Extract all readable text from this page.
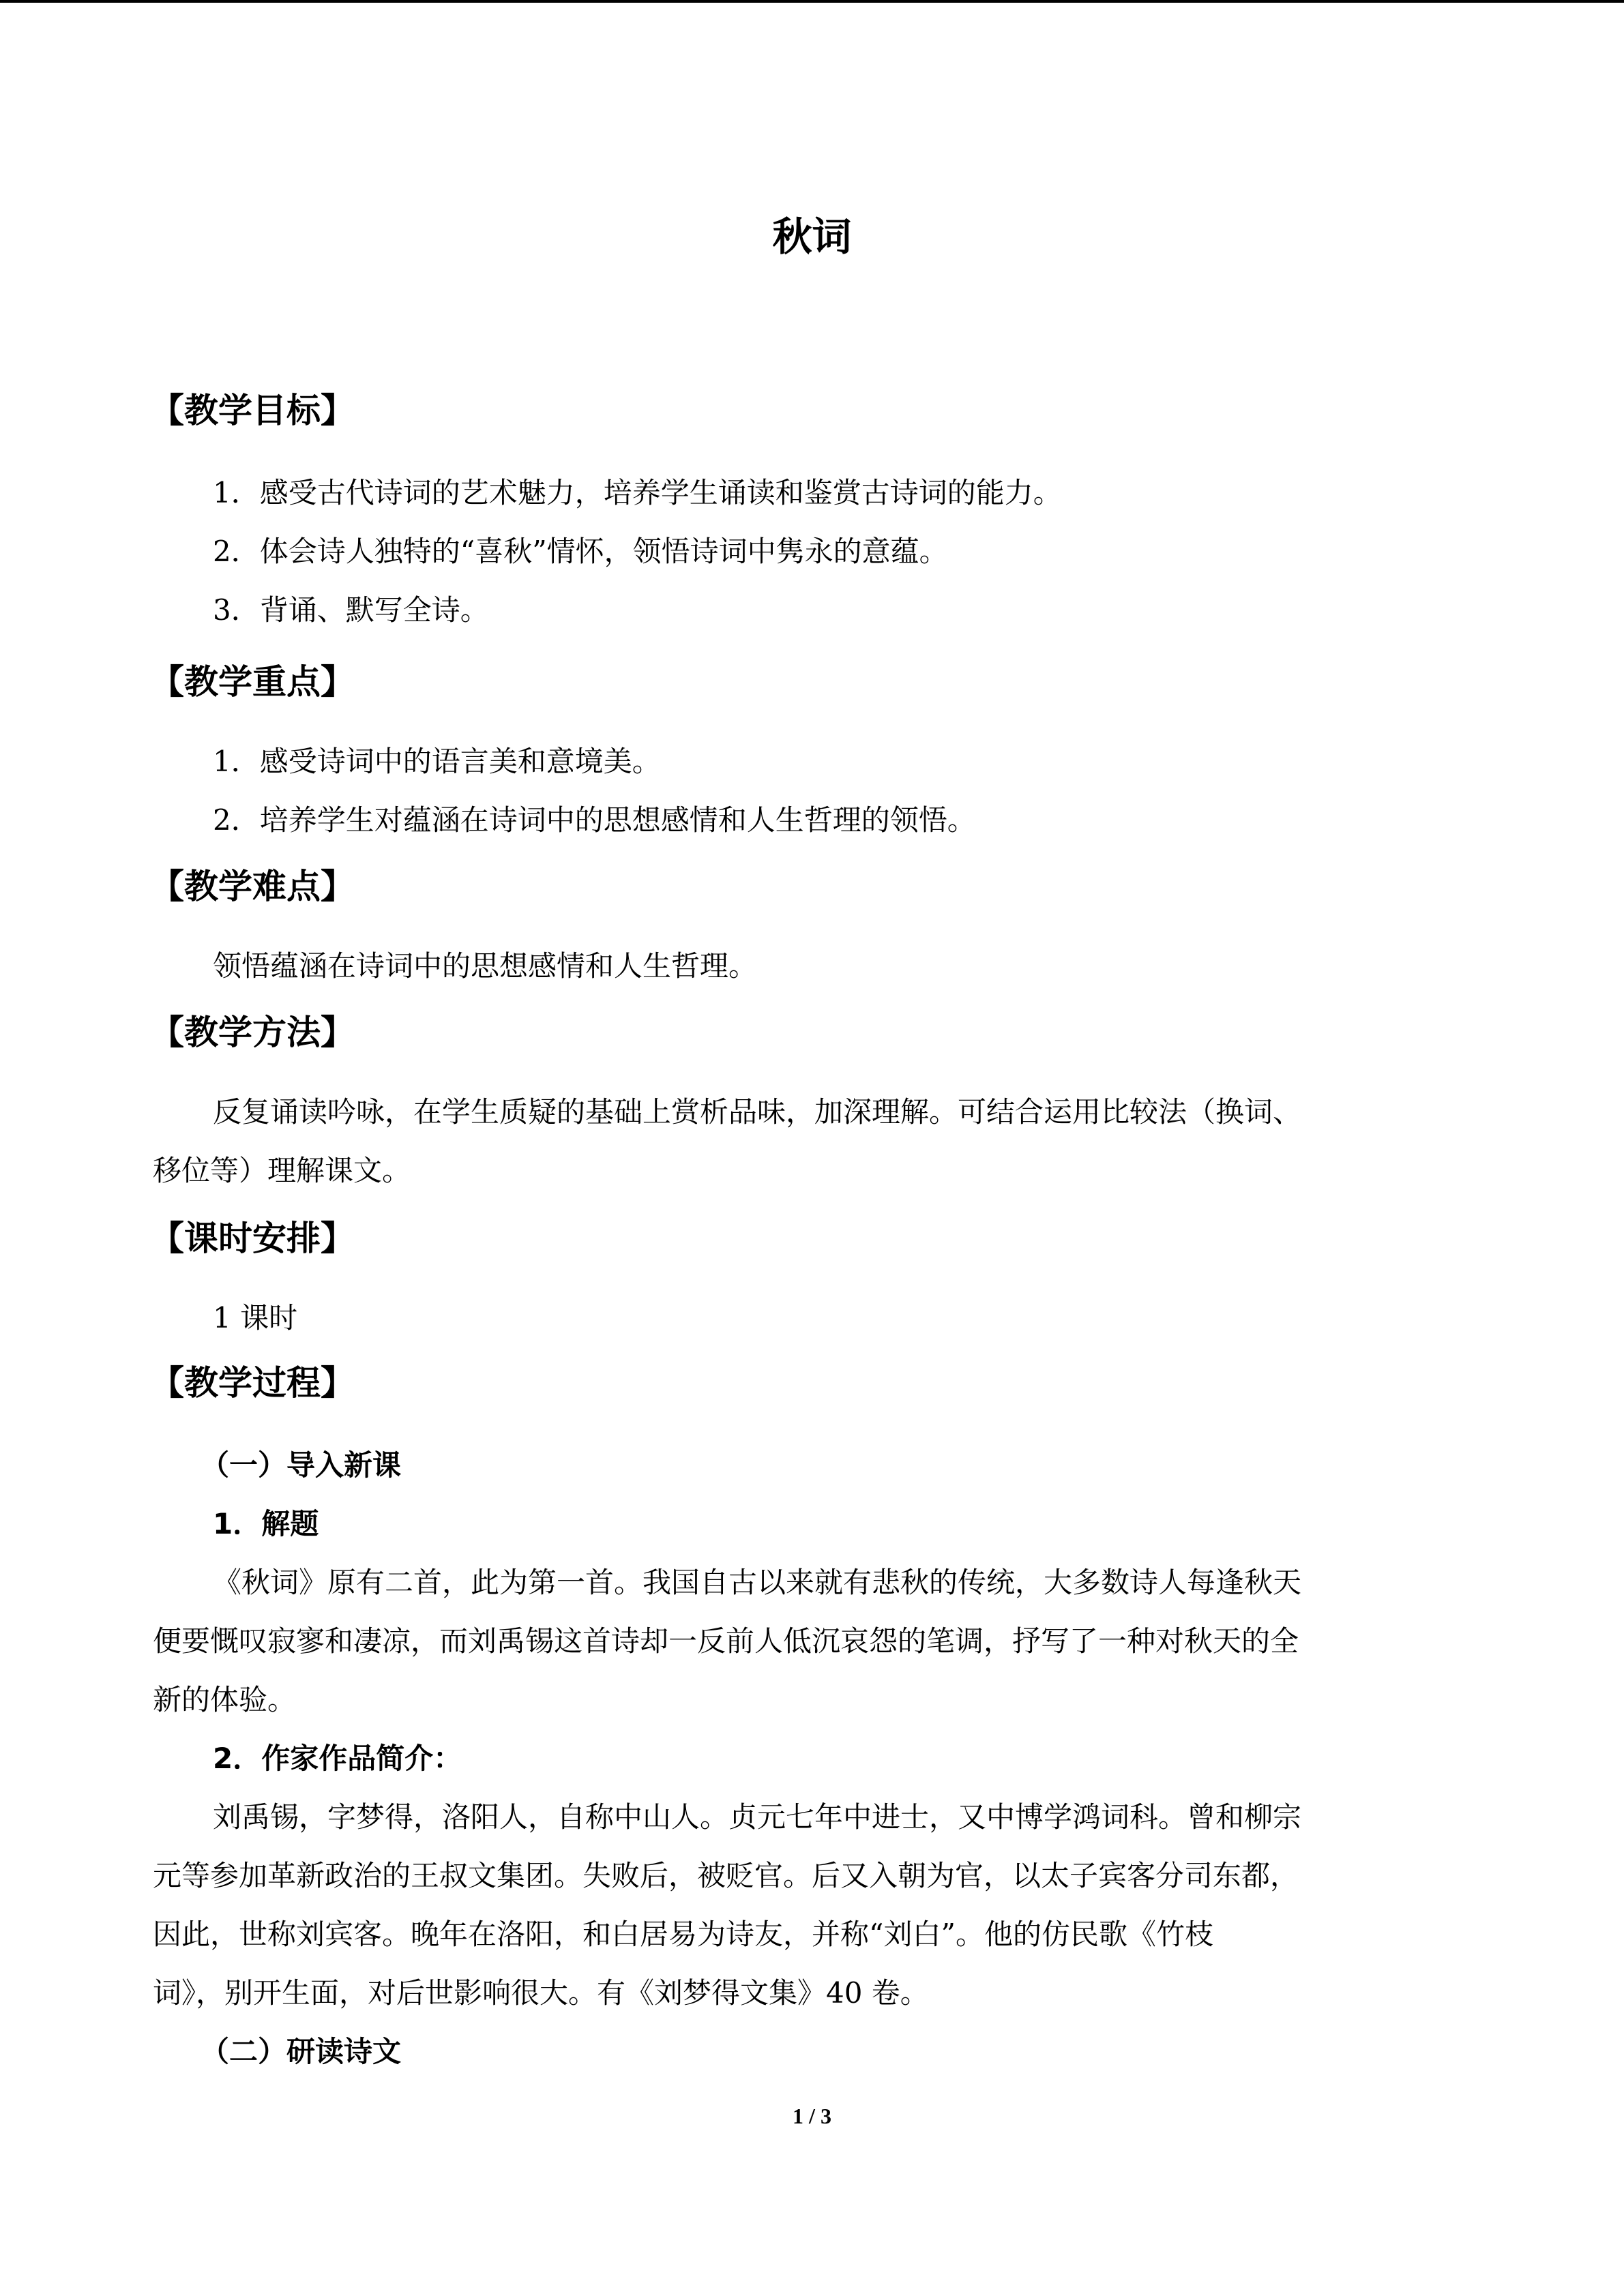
秋词
【教学目标】
1．感受古代诗词的艺术魅力，培养学生诵读和鉴赏古诗词的能力。
2．体会诗人独特的“喜秋”情怀，领悟诗词中隽永的意蕴。
3．背诵、默写全诗。
【教学重点】
1．感受诗词中的语言美和意境美。
2．培养学生对蕴涵在诗词中的思想感情和人生哲理的领悟。
【教学难点】
领悟蕴涵在诗词中的思想感情和人生哲理。
【教学方法】
反复诵读吟咏，在学生质疑的基础上赏析品味，加深理解。可结合运用比较法（换词、
移位等）理解课文。
【课时安排】
1 课时
【教学过程】
（一）导入新课
1．解题
《秋词》原有二首，此为第一首。我国自古以来就有悲秋的传统，大多数诗人每逢秋天
便要慨叹寂寥和凄凉，而刘禹锡这首诗却一反前人低沉哀怨的笔调，抒写了一种对秋天的全
新的体验。
2．作家作品简介：
刘禹锡，字梦得，洛阳人，自称中山人。贞元七年中进士，又中博学鸿词科。曾和柳宗
元等参加革新政治的王叔文集团。失败后，被贬官。后又入朝为官，以太子宾客分司东都，
因此，世称刘宾客。晚年在洛阳，和白居易为诗友，并称“刘白”。他的仿民歌《竹枝
词》，别开生面，对后世影响很大。有《刘梦得文集》40 卷。
（二）研读诗文
1 / 3
